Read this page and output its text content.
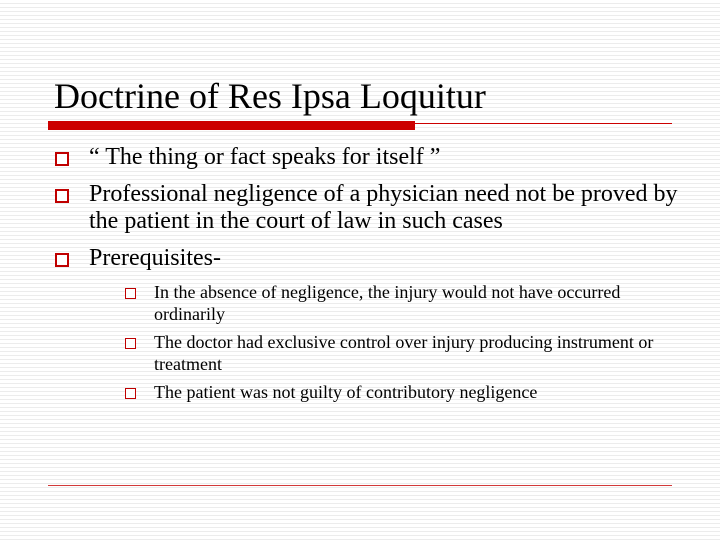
Doctrine of Res Ipsa Loquitur
“ The thing or fact speaks for itself ”
Professional negligence of a physician need not be proved by the patient in the court of law in such cases
Prerequisites-
In the absence of negligence, the injury would not have occurred ordinarily
The doctor had exclusive control over injury producing instrument or treatment
The patient was not guilty of contributory negligence
